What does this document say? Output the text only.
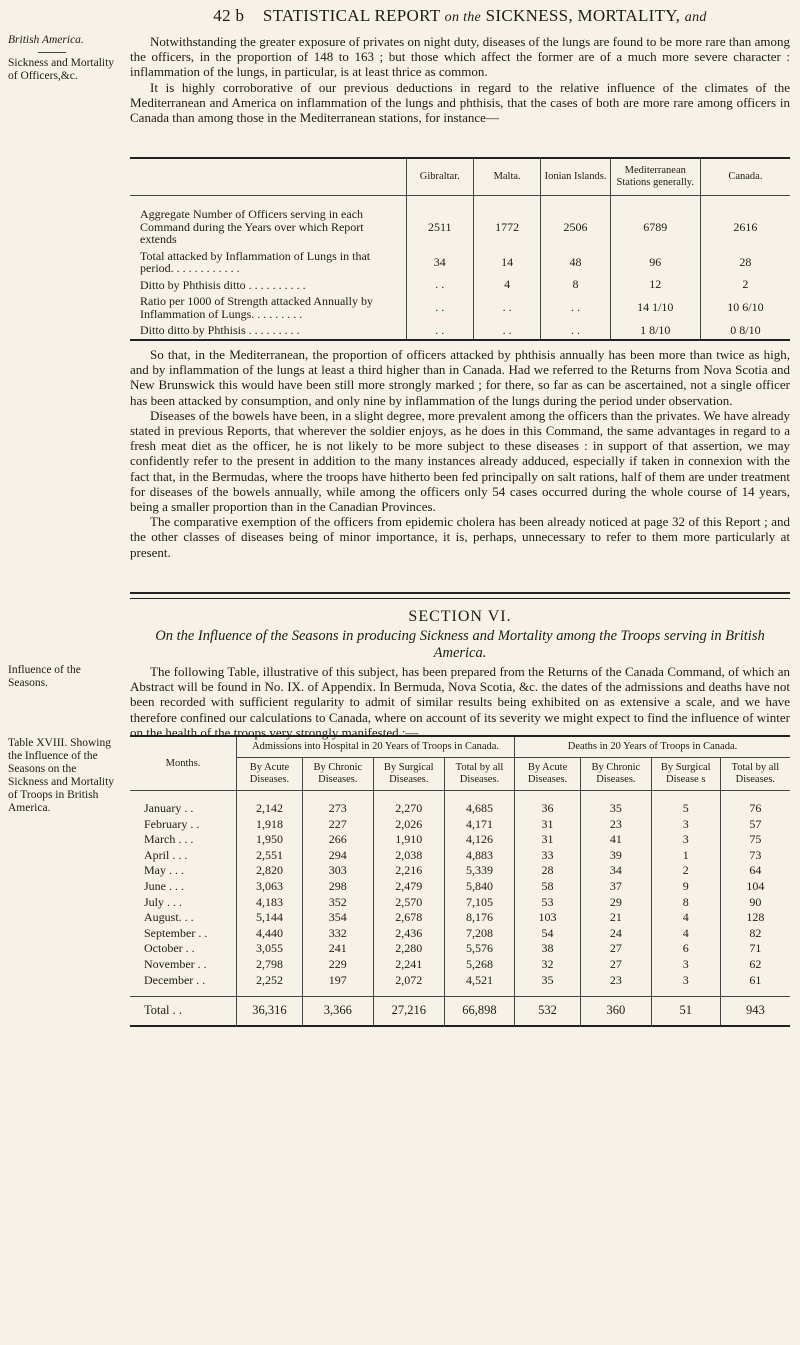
42 b STATISTICAL REPORT on the SICKNESS, MORTALITY, and
British America.
Sickness and Mortality of Officers,&c.

Notwithstanding the greater exposure of privates on night duty, diseases of the lungs are found to be more rare than among the officers, in the proportion of 148 to 163 ; but those which affect the former are of a much more severe character : inflammation of the lungs, in particular, is at least thrice as common.

It is highly corroborative of our previous deductions in regard to the relative influence of the climates of the Mediterranean and America on inflammation of the lungs and phthisis, that the cases of both are more rare among officers in Canada than among those in the Mediterranean stations, for instance—

	Gibraltar.	Malta.	Ionian Islands.	Mediterranean Stations generally.	Canada.
Aggregate Number of Officers serving in each Command during the Years over which Report extends	2511	1772	2506	6789	2616
Total attacked by Inflammation of Lungs in that period. . . . . . . . . . . .	34	14	48	96	28
Ditto by Phthisis ditto . . . . . . . . . .	. .	4	8	12	2
Ratio per 1000 of Strength attacked Annually by Inflammation of Lungs. . . . . . . . .	. .	. .	. .	14 1/10	10 6/10
Ditto ditto by Phthisis . . . . . . . . .	. .	. .	. .	1 8/10	0 8/10

So that, in the Mediterranean, the proportion of officers attacked by phthisis annually has been more than twice as high, and by inflammation of the lungs at least a third higher than in Canada. Had we referred to the Returns from Nova Scotia and New Brunswick this would have been still more strongly marked ; for there, so far as can be ascertained, not a single officer has been attacked by consumption, and only nine by inflammation of the lungs during the period under observation.

Diseases of the bowels have been, in a slight degree, more prevalent among the officers than the privates. We have already stated in previous Reports, that wherever the soldier enjoys, as he does in this Command, the same advantages in regard to a fresh meat diet as the officer, he is not likely to be more subject to these diseases : in support of that assertion, we may confidently refer to the present in addition to the many instances already adduced, especially if taken in connexion with the fact that, in the Bermudas, where the troops have hitherto been fed principally on salt rations, half of them are under treatment for diseases of the bowels annually, while among the officers only 54 cases occurred during the whole course of 14 years, being a smaller proportion than in the Canadian Provinces.

The comparative exemption of the officers from epidemic cholera has been already noticed at page 32 of this Report ; and the other classes of diseases being of minor importance, it is, perhaps, unnecessary to refer to them more particularly at present.

SECTION VI.
On the Influence of the Seasons in producing Sickness and Mortality among the Troops serving in British America.
Influence of the Seasons.

The following Table, illustrative of this subject, has been prepared from the Returns of the Canada Command, of which an Abstract will be found in No. IX. of Appendix. In Bermuda, Nova Scotia, &c. the dates of the admissions and deaths have not been recorded with sufficient regularity to admit of similar results being exhibited on as extensive a scale, and we have therefore confined our calculations to Canada, where on account of its severity we might expect to find the influence of winter on the health of the troops very strongly manifested :—

Table XVIII. Showing the Influence of the Seasons on the Sickness and Mortality of Troops in British America.
Months.	Admissions into Hospital in 20 Years of Troops in Canada.				Deaths in 20 Years of Troops in Canada.			
	By Acute Diseases.	By Chronic Diseases.	By Surgical Diseases.	Total by all Diseases.	By Acute Diseases.	By Chronic Diseases.	By Surgical Disease s	Total by all Diseases.
January . .	2,142	273	2,270	4,685	36	35	5	76
February . .	1,918	227	2,026	4,171	31	23	3	57
March . . .	1,950	266	1,910	4,126	31	41	3	75
April . . .	2,551	294	2,038	4,883	33	39	1	73
May . . .	2,820	303	2,216	5,339	28	34	2	64
June . . .	3,063	298	2,479	5,840	58	37	9	104
July . . .	4,183	352	2,570	7,105	53	29	8	90
August. . .	5,144	354	2,678	8,176	103	21	4	128
September . .	4,440	332	2,436	7,208	54	24	4	82
October . .	3,055	241	2,280	5,576	38	27	6	71
November . .	2,798	229	2,241	5,268	32	27	3	62
December . .	2,252	197	2,072	4,521	35	23	3	61
Total . .	36,316	3,366	27,216	66,898	532	360	51	943
